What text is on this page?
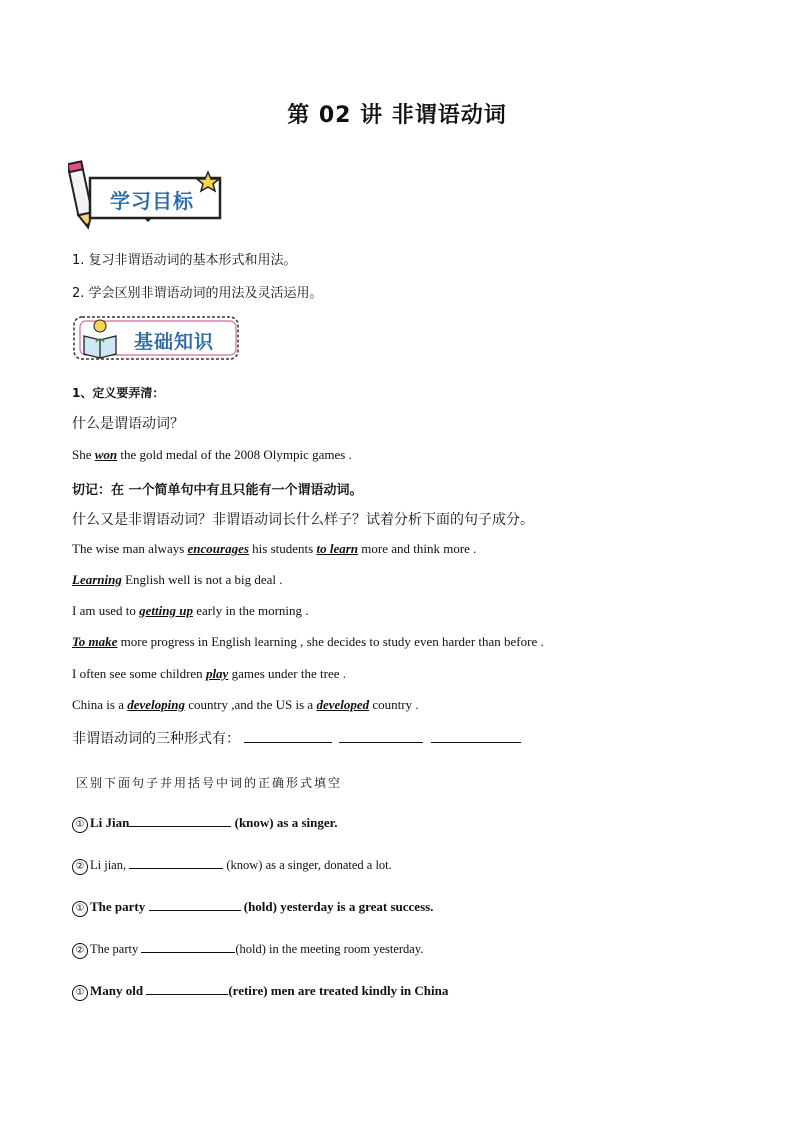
第 02 讲 非谓语动词
学习目标
1. 复习非谓语动词的基本形式和用法。
2. 学会区别非谓语动词的用法及灵活运用。
基础知识
1、定义要弄清：
什么是谓语动词？
She won the gold medal of the 2008 Olympic games .
切记：在 一个简单句中有且只能有一个谓语动词。
什么又是非谓语动词？非谓语动词长什么样子？试着分析下面的句子成分。
The wise man always encourages his students to learn more and think more .
Learning English well is not a big deal .
I am used to getting up early in the morning .
To make more progress in English learning , she decides to study even harder than before .
I often see some children play games under the tree .
China is a developing country ,and the US is a developed country .
非谓语动词的三种形式有：
区别下面句子并用括号中词的正确形式填空
① Li Jian	(know) as a singer.
② Li jian,	(know) as a singer, donated a lot.
① The party	(hold) yesterday is a great success.
② The party	(hold) in the meeting room yesterday.
① Many old	(retire) men are treated kindly in China
